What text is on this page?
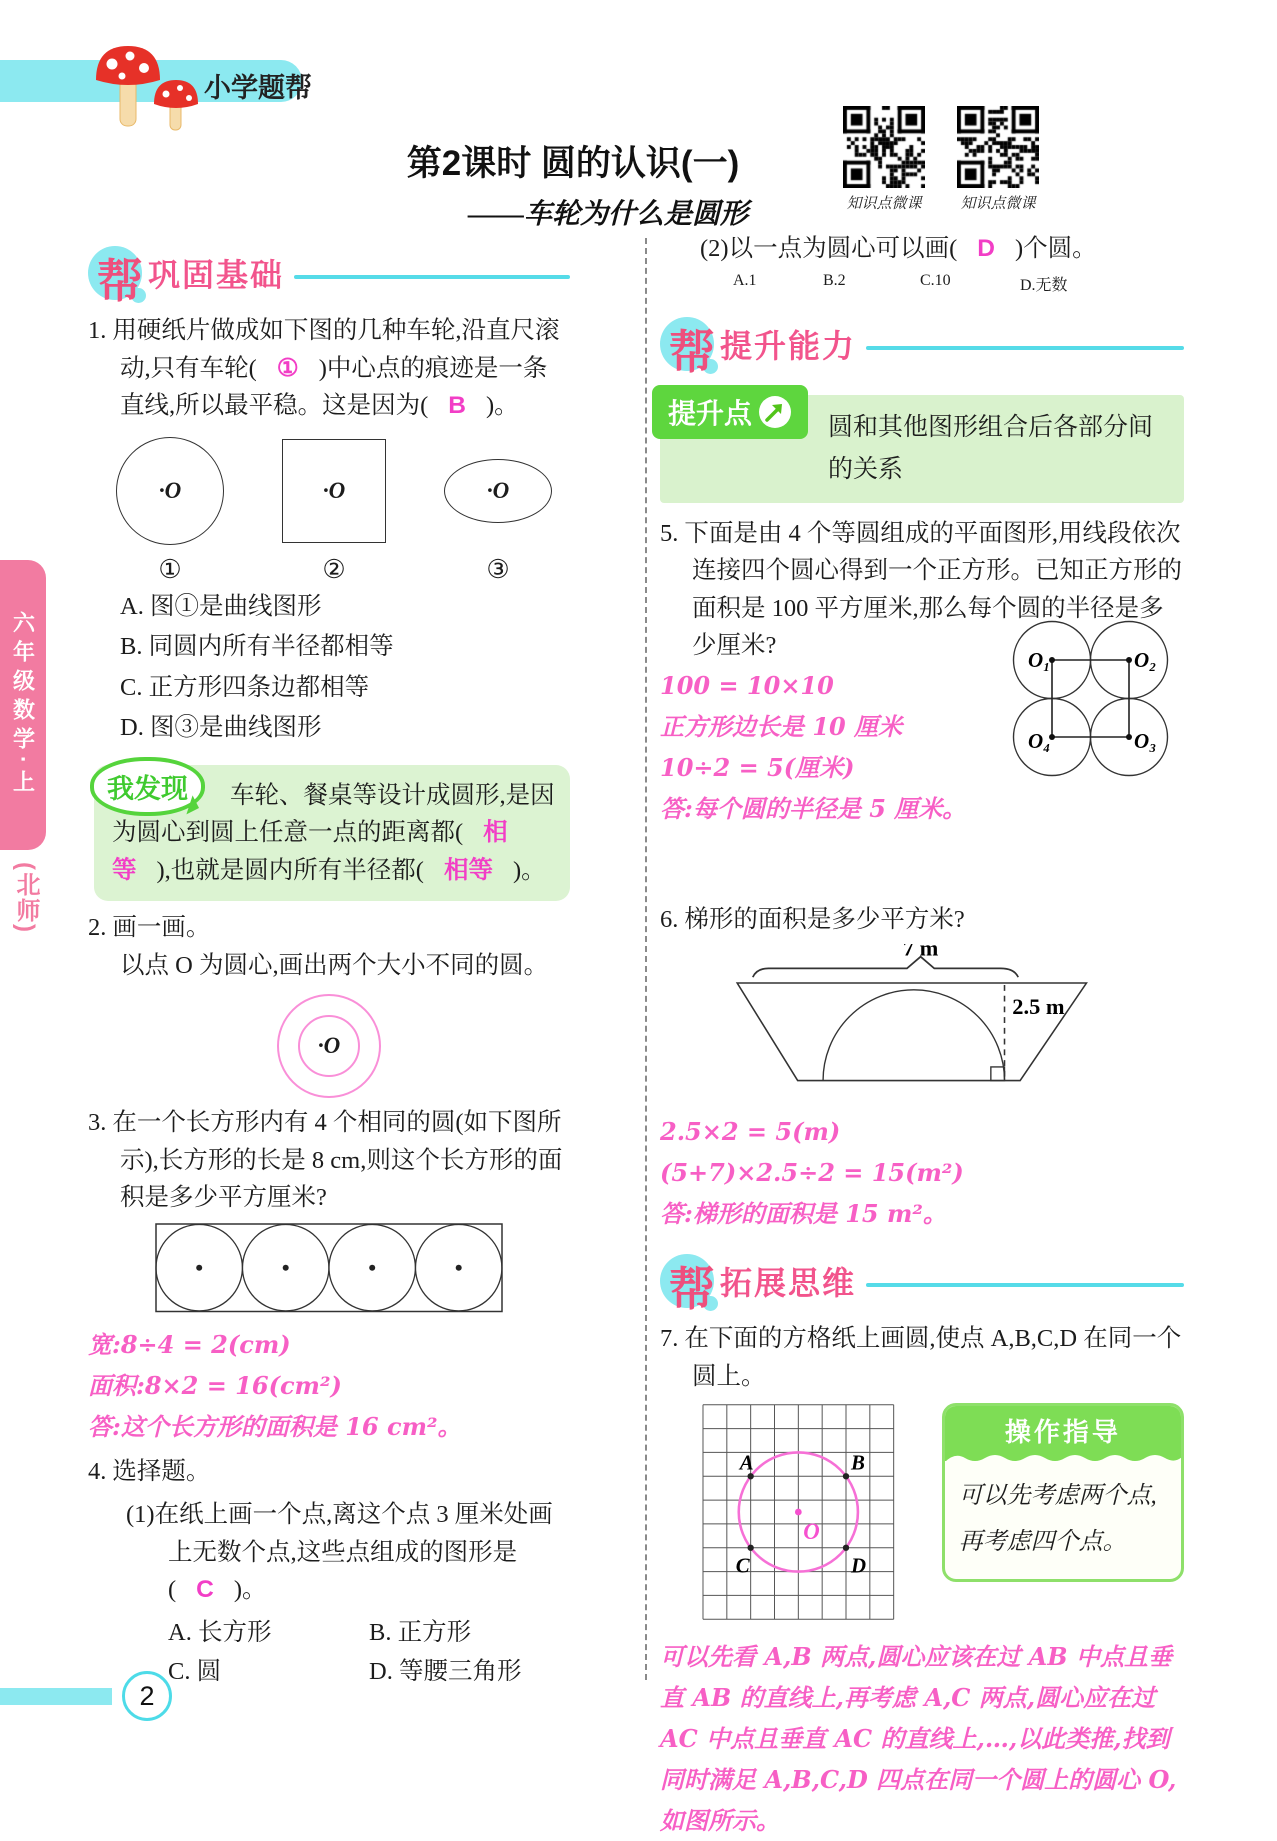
小学题帮
第2课时 圆的认识(一)
——车轮为什么是圆形	知识点微课	知识点微课
六年级数学·上
(北师)
帮 巩固基础

1. 用硬纸片做成如下图的几种车轮,沿直尺滚动,只有车轮( ① )中心点的痕迹是一条直线,所以最平稳。这是因为( B )。

·O
①
·O
②
·O
③

A. 图①是曲线图形

B. 同圆内所有半径都相等

C. 正方形四条边都相等

D. 图③是曲线图形

我发现	车轮、餐桌等设计成圆形,是因为圆心到圆上任意一点的距离都( 相等 ),也就是圆内所有半径都( 相等 )。

2. 画一画。

以点 O 为圆心,画出两个大小不同的圆。

·O

3. 在一个长方形内有 4 个相同的圆(如下图所示),长方形的长是 8 cm,则这个长方形的面积是多少平方厘米?

宽:8÷4 = 2(cm)

面积:8×2 = 16(cm²)

答:这个长方形的面积是 16 cm²。

4. 选择题。

(1)在纸上画一个点,离这个点 3 厘米处画上无数个点,这些点组成的图形是( C )。

A. 长方形	B. 正方形
C. 圆	D. 等腰三角形

(2)以一点为圆心可以画( D )个圆。

A.1	B.2	C.10	D.无数
帮 提升能力
提升点	圆和其他图形组合后各部分间的关系

5. 下面是由 4 个等圆组成的平面图形,用线段依次连接四个圆心得到一个正方形。已知正方形的面积是 100 平方厘米,那么每个圆的半径是多少厘米?

100 = 10×10

正方形边长是 10 厘米

10÷2 = 5(厘米)

答:每个圆的半径是 5 厘米。

O₁	O₂
O₄	O₃

6. 梯形的面积是多少平方米?

7 m
2.5 m

2.5×2 = 5(m)

(5+7)×2.5÷2 = 15(m²)

答:梯形的面积是 15 m²。

帮 拓展思维

7. 在下面的方格纸上画圆,使点 A,B,C,D 在同一个圆上。

A	B
C	D
O
操作指导
可以先考虑两个点,再考虑四个点。

可以先看 A,B 两点,圆心应该在过 AB 中点且垂直 AB 的直线上,再考虑 A,C 两点,圆心应在过 AC 中点且垂直 AC 的直线上,…,以此类推,找到同时满足 A,B,C,D 四点在同一个圆上的圆心 O,如图所示。

2
